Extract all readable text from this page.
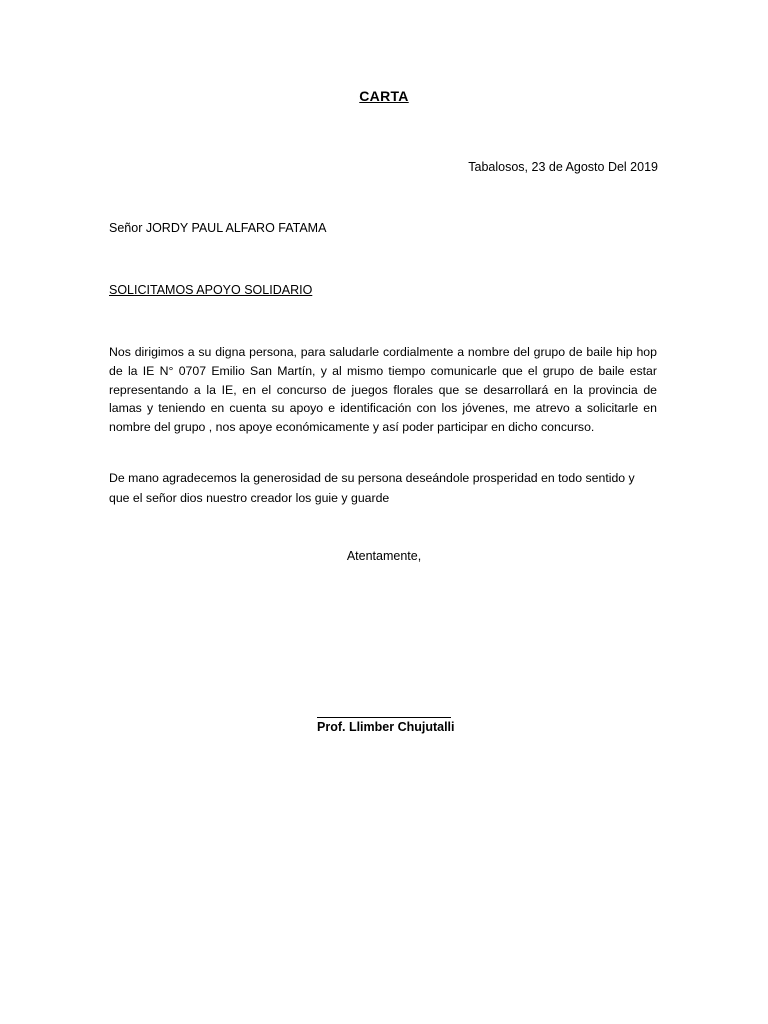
CARTA
Tabalosos, 23 de Agosto Del 2019
Señor JORDY PAUL ALFARO FATAMA
SOLICITAMOS APOYO SOLIDARIO

Nos dirigimos a su digna persona, para saludarle cordialmente a nombre del grupo de baile hip hop de la IE N° 0707 Emilio San Martín, y al mismo tiempo comunicarle que el grupo de baile estar representando a la IE, en el concurso de juegos florales que se desarrollará en la provincia de lamas y teniendo en cuenta su apoyo e identificación con los jóvenes, me atrevo a solicitarle en nombre del grupo , nos apoye económicamente y así poder participar en dicho concurso.

De mano agradecemos la generosidad de su persona deseándole prosperidad en todo sentido y que el señor dios nuestro creador los guie y guarde

Atentamente,
Prof. Llimber Chujutalli
